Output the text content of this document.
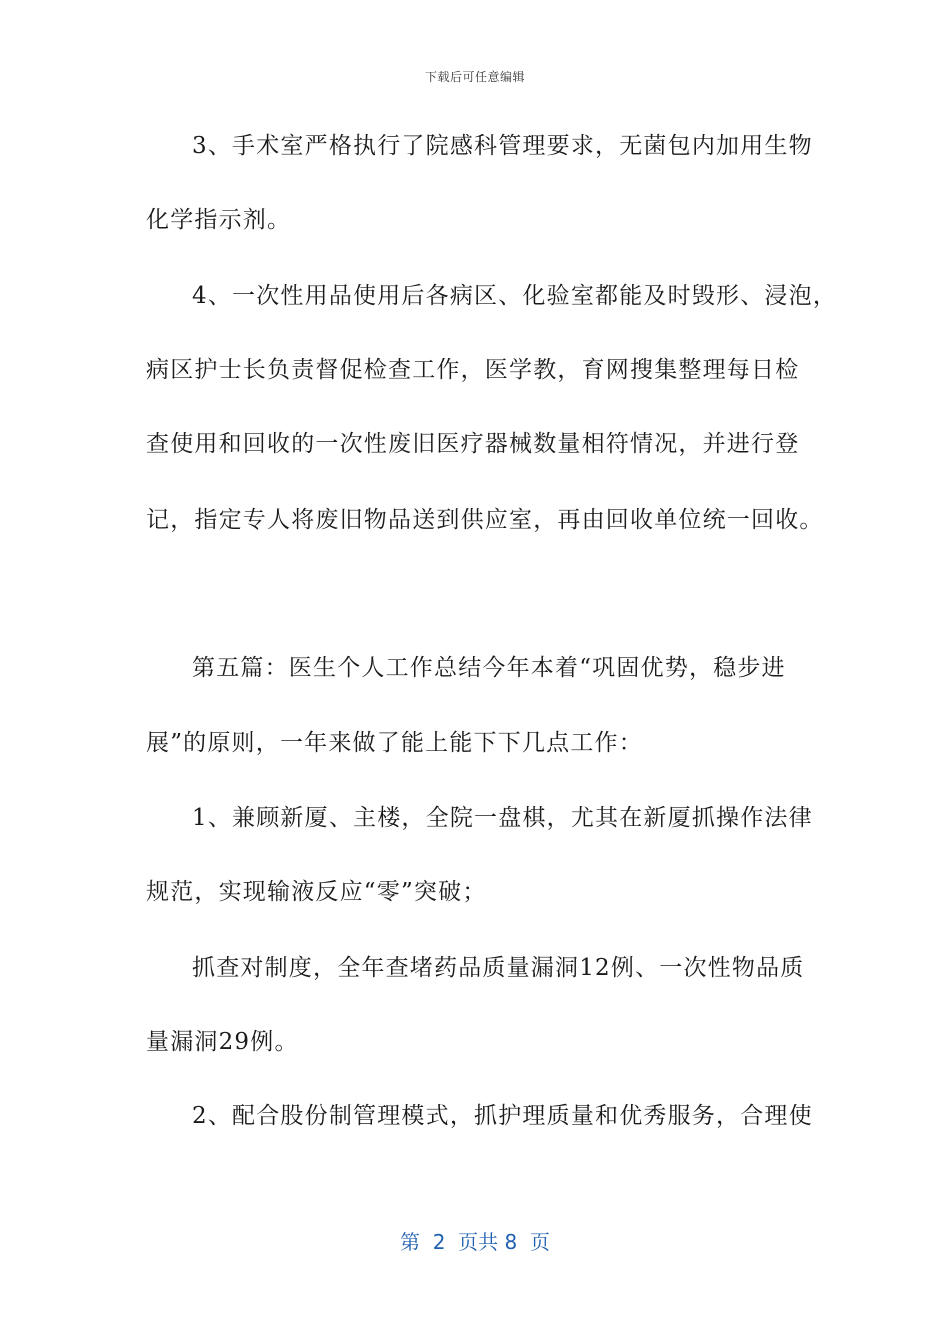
下载后可任意编辑
3、手术室严格执行了院感科管理要求，无菌包内加用生物
化学指示剂。
4、一次性用品使用后各病区、化验室都能及时毁形、浸泡，
病区护士长负责督促检查工作，医学教，育网搜集整理每日检
查使用和回收的一次性废旧医疗器械数量相符情况，并进行登
记，指定专人将废旧物品送到供应室，再由回收单位统一回收。
第五篇：医生个人工作总结今年本着“巩固优势，稳步进
展”的原则，一年来做了能上能下下几点工作：
1、兼顾新厦、主楼，全院一盘棋，尤其在新厦抓操作法律
规范，实现输液反应“零”突破；
抓查对制度，全年查堵药品质量漏洞12例、一次性物品质
量漏洞29例。
2、配合股份制管理模式，抓护理质量和优秀服务，合理使
第  2  页共 8  页
